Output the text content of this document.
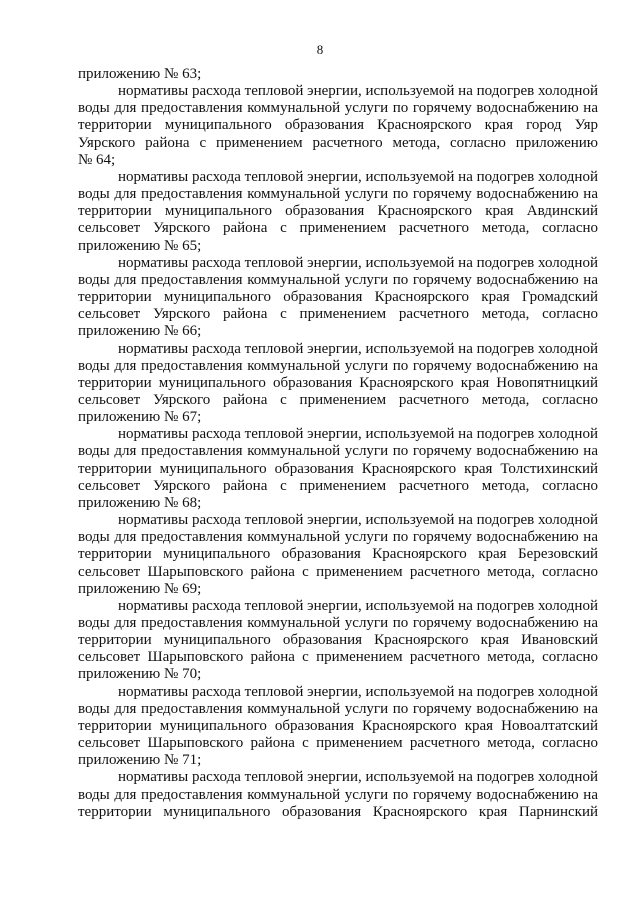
8
приложению № 63;
нормативы расхода тепловой энергии, используемой на подогрев холодной
воды для предоставления коммунальной услуги по горячему водоснабжению на
территории муниципального образования Красноярского края город Уяр
Уярского района с применением расчетного метода, согласно приложению
№ 64;
нормативы расхода тепловой энергии, используемой на подогрев холодной
воды для предоставления коммунальной услуги по горячему водоснабжению на
территории муниципального образования Красноярского края Авдинский
сельсовет Уярского района с применением расчетного метода, согласно
приложению № 65;
нормативы расхода тепловой энергии, используемой на подогрев холодной
воды для предоставления коммунальной услуги по горячему водоснабжению на
территории муниципального образования Красноярского края Громадский
сельсовет Уярского района с применением расчетного метода, согласно
приложению № 66;
нормативы расхода тепловой энергии, используемой на подогрев холодной
воды для предоставления коммунальной услуги по горячему водоснабжению на
территории муниципального образования Красноярского края Новопятницкий
сельсовет Уярского района с применением расчетного метода, согласно
приложению № 67;
нормативы расхода тепловой энергии, используемой на подогрев холодной
воды для предоставления коммунальной услуги по горячему водоснабжению на
территории муниципального образования Красноярского края Толстихинский
сельсовет Уярского района с применением расчетного метода, согласно
приложению № 68;
нормативы расхода тепловой энергии, используемой на подогрев холодной
воды для предоставления коммунальной услуги по горячему водоснабжению на
территории муниципального образования Красноярского края Березовский
сельсовет Шарыповского района с применением расчетного метода, согласно
приложению № 69;
нормативы расхода тепловой энергии, используемой на подогрев холодной
воды для предоставления коммунальной услуги по горячему водоснабжению на
территории муниципального образования Красноярского края Ивановский
сельсовет Шарыповского района с применением расчетного метода, согласно
приложению № 70;
нормативы расхода тепловой энергии, используемой на подогрев холодной
воды для предоставления коммунальной услуги по горячему водоснабжению на
территории муниципального образования Красноярского края Новоалтатский
сельсовет Шарыповского района с применением расчетного метода, согласно
приложению № 71;
нормативы расхода тепловой энергии, используемой на подогрев холодной
воды для предоставления коммунальной услуги по горячему водоснабжению на
территории муниципального образования Красноярского края Парнинский
